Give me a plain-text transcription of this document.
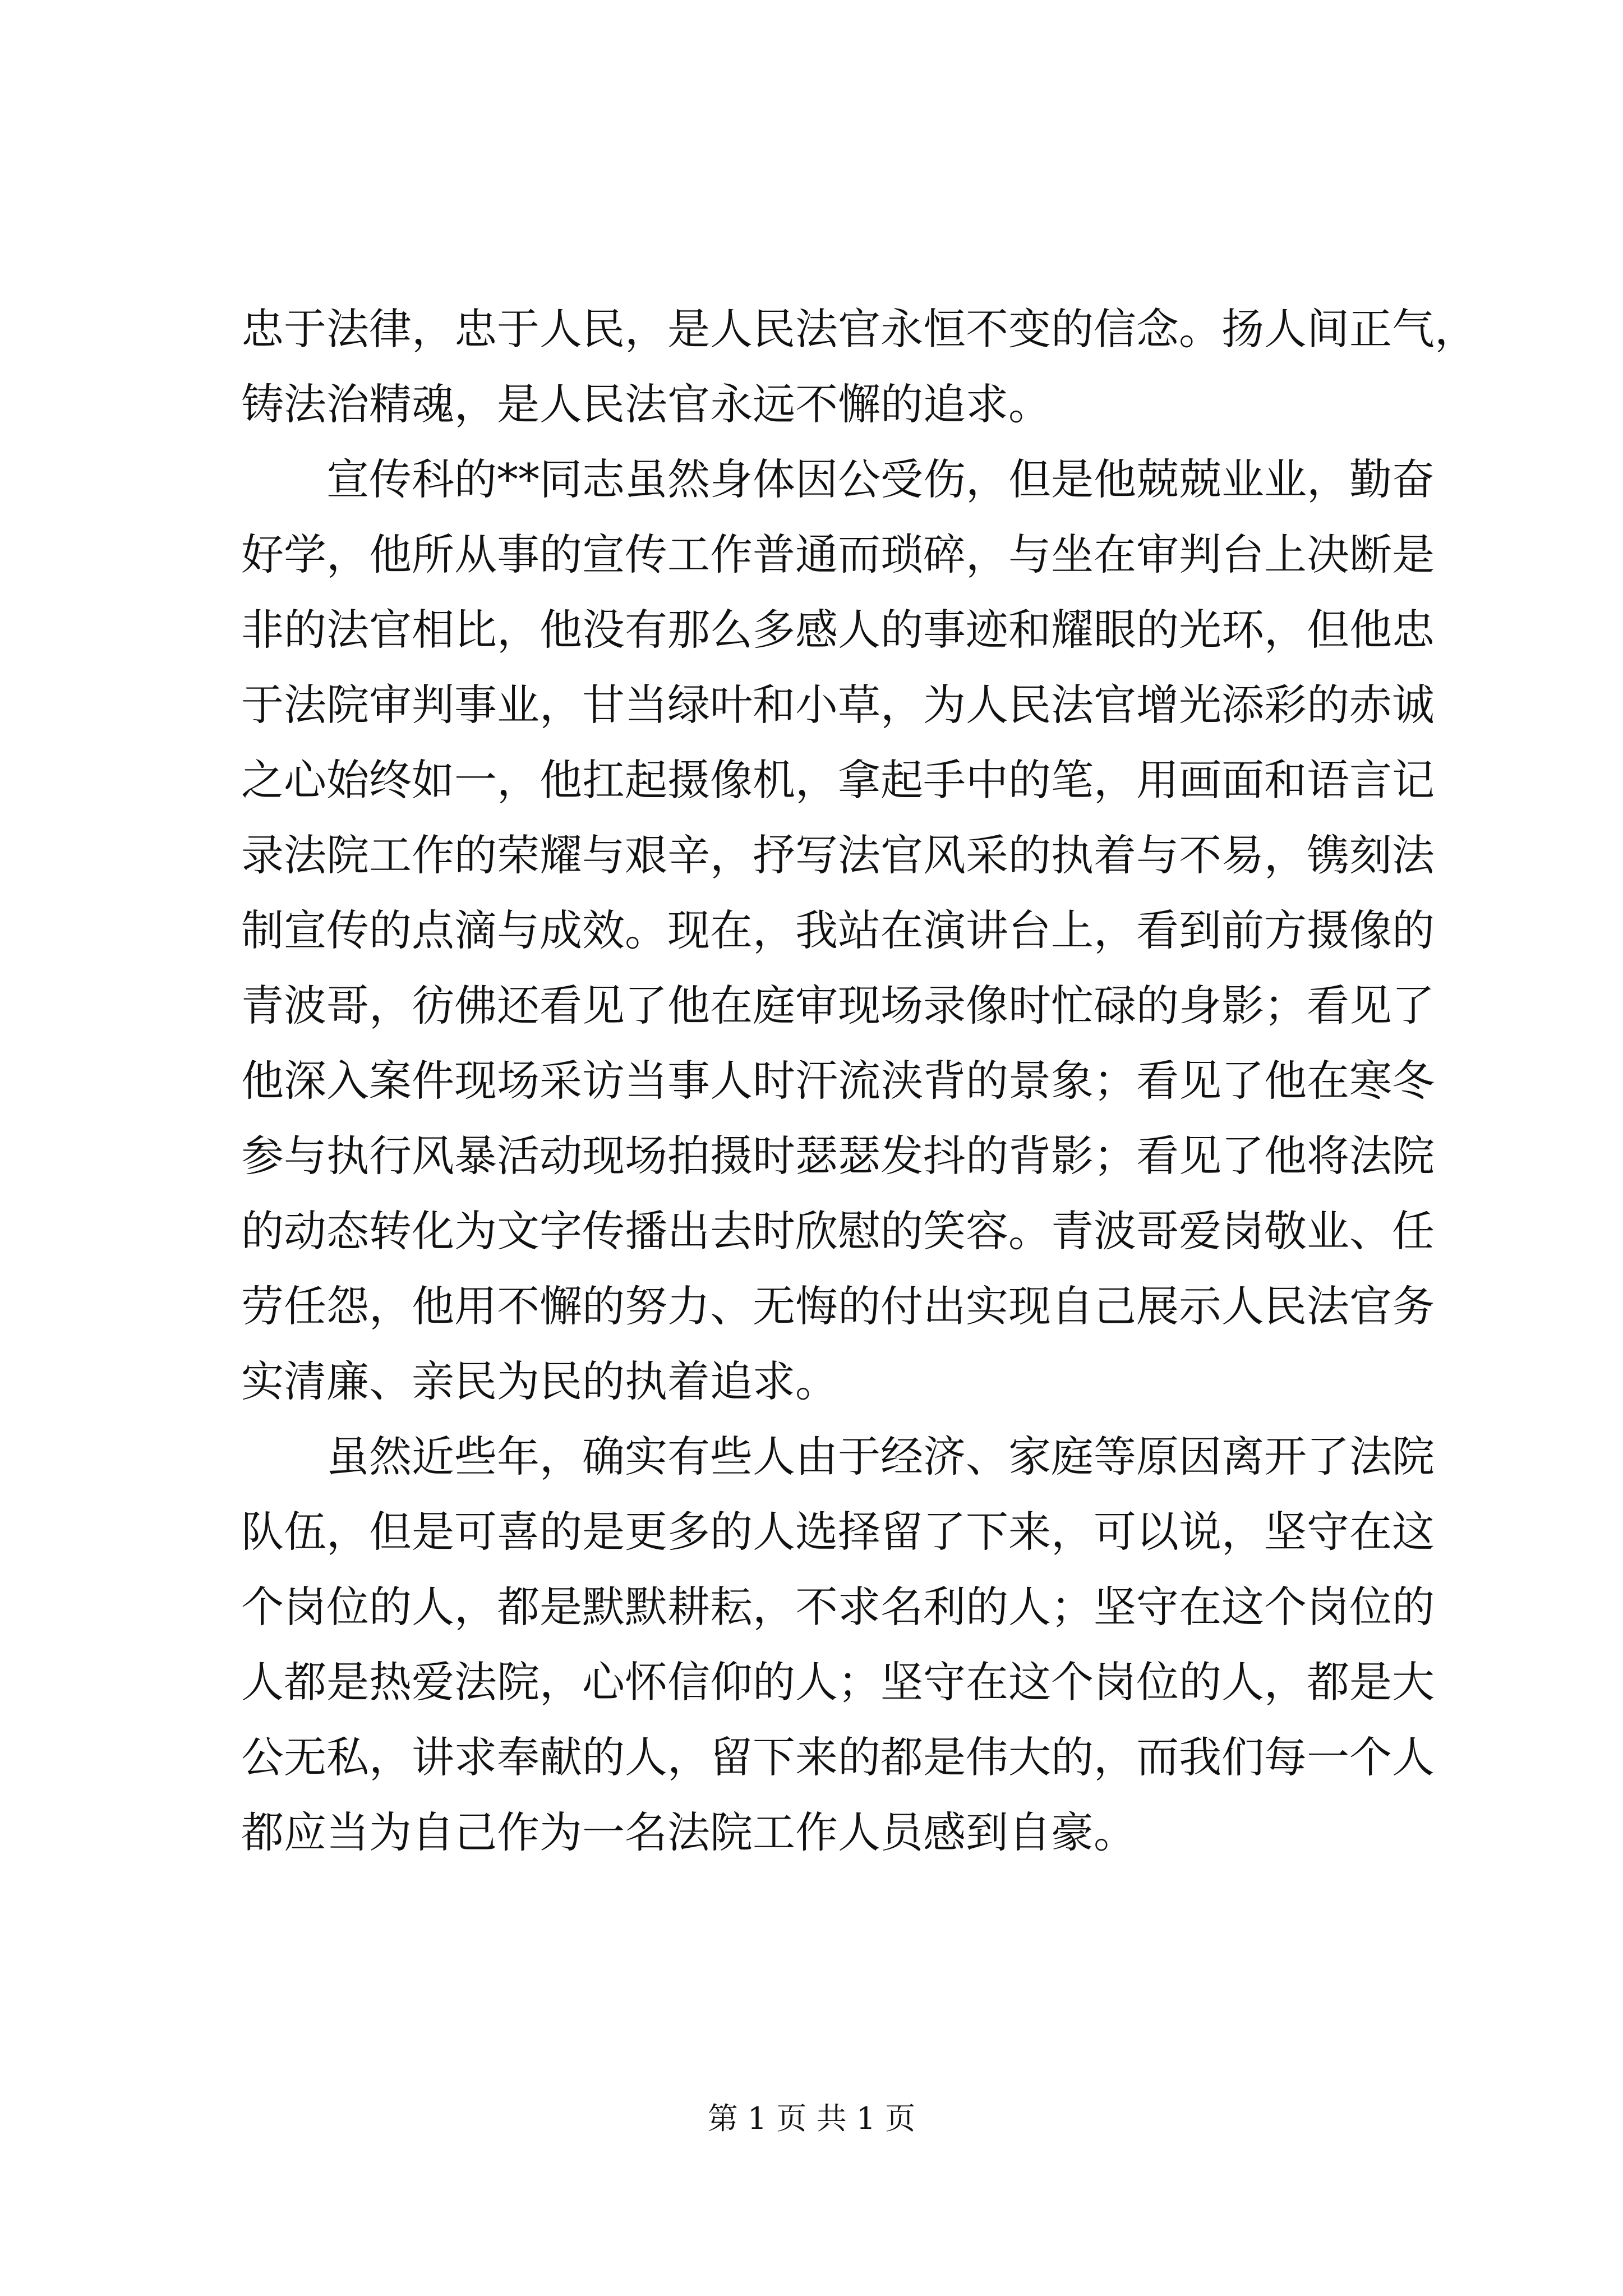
忠于法律，忠于人民，是人民法官永恒不变的信念。扬人间正气，
铸法治精魂，是人民法官永远不懈的追求。
　　宣传科的**同志虽然身体因公受伤，但是他兢兢业业，勤奋
好学，他所从事的宣传工作普通而琐碎，与坐在审判台上决断是
非的法官相比，他没有那么多感人的事迹和耀眼的光环，但他忠
于法院审判事业，甘当绿叶和小草，为人民法官增光添彩的赤诚
之心始终如一，他扛起摄像机，拿起手中的笔，用画面和语言记
录法院工作的荣耀与艰辛，抒写法官风采的执着与不易，镌刻法
制宣传的点滴与成效。现在，我站在演讲台上，看到前方摄像的
青波哥，彷佛还看见了他在庭审现场录像时忙碌的身影；看见了
他深入案件现场采访当事人时汗流浃背的景象；看见了他在寒冬
参与执行风暴活动现场拍摄时瑟瑟发抖的背影；看见了他将法院
的动态转化为文字传播出去时欣慰的笑容。青波哥爱岗敬业、任
劳任怨，他用不懈的努力、无悔的付出实现自己展示人民法官务
实清廉、亲民为民的执着追求。
　　虽然近些年，确实有些人由于经济、家庭等原因离开了法院
队伍，但是可喜的是更多的人选择留了下来，可以说，坚守在这
个岗位的人，都是默默耕耘，不求名利的人；坚守在这个岗位的
人都是热爱法院，心怀信仰的人；坚守在这个岗位的人，都是大
公无私，讲求奉献的人，留下来的都是伟大的，而我们每一个人
都应当为自己作为一名法院工作人员感到自豪。
第 1 页 共 1 页
